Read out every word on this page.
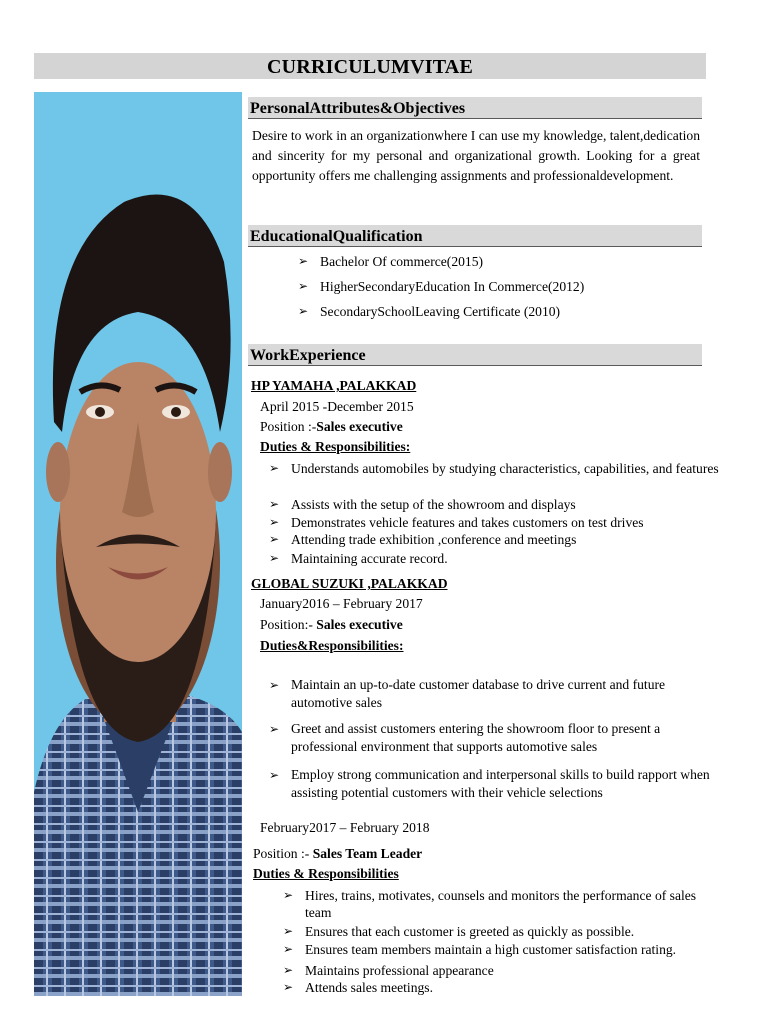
CURRICULUMVITAE
PersonalAttributes&Objectives
Desire to work in an organizationwhere I can use my knowledge, talent,dedication and sincerity for my personal and organizational growth. Looking for a great opportunity offers me challenging assignments and professionaldevelopment.
EducationalQualification
➢ Bachelor Of commerce(2015)
➢ HigherSecondaryEducation In Commerce(2012)
➢ SecondarySchoolLeaving Certificate (2010)
WorkExperience
HP YAMAHA ,PALAKKAD
April 2015 -December 2015
Position :-Sales executive
Duties & Responsibilities:
➢ Understands automobiles by studying characteristics, capabilities, and features
➢ Assists with the setup of the showroom and displays
➢ Demonstrates vehicle features and takes customers on test drives
➢ Attending trade exhibition ,conference and meetings
➢ Maintaining accurate record.
GLOBAL SUZUKI ,PALAKKAD
January2016 – February 2017
Position:- Sales executive
Duties&Responsibilities:
➢ Maintain an up-to-date customer database to drive current and future automotive sales
➢ Greet and assist customers entering the showroom floor to present a professional environment that supports automotive sales
➢ Employ strong communication and interpersonal skills to build rapport when assisting potential customers with their vehicle selections
February2017 – February 2018
Position :- Sales Team Leader
Duties & Responsibilities
➢ Hires, trains, motivates, counsels and monitors the performance of sales team
➢ Ensures that each customer is greeted as quickly as possible.
➢ Ensures team members maintain a high customer satisfaction rating.
➢ Maintains professional appearance
➢ Attends sales meetings.
